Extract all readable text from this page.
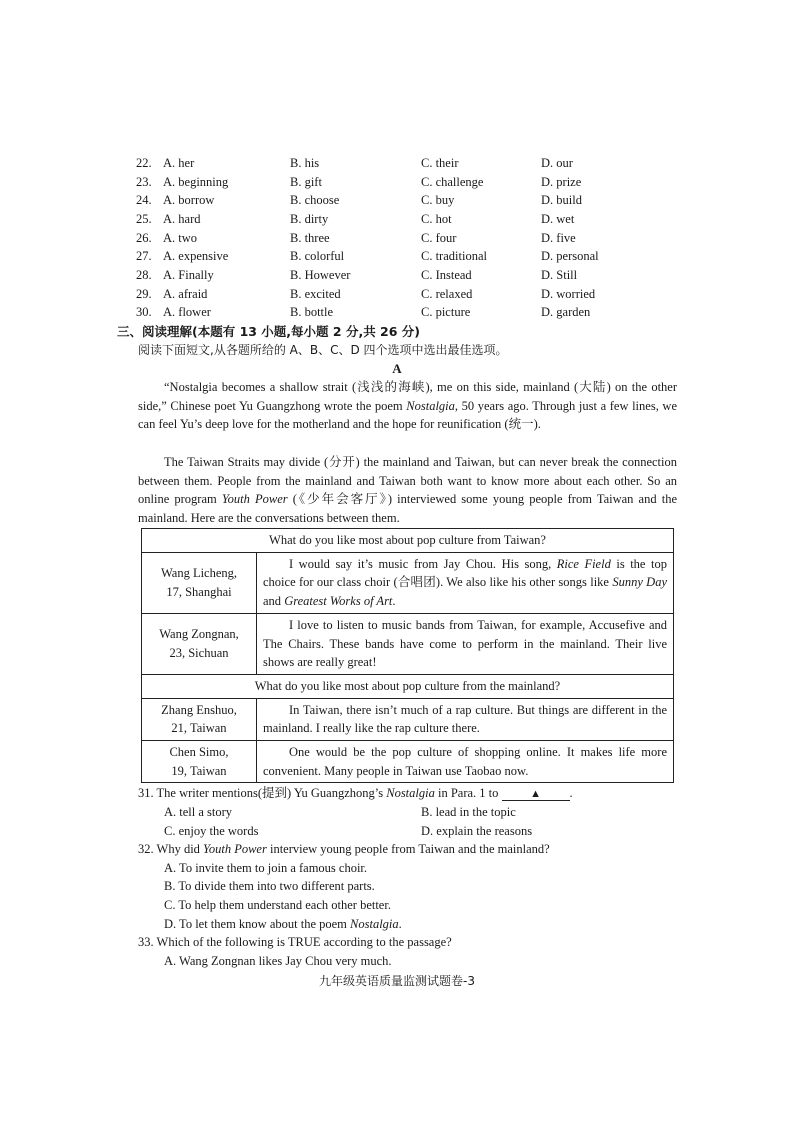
22. A. her	B. his	C. their	D. our
23. A. beginning	B. gift	C. challenge	D. prize
24. A. borrow	B. choose	C. buy	D. build
25. A. hard	B. dirty	C. hot	D. wet
26. A. two	B. three	C. four	D. five
27. A. expensive	B. colorful	C. traditional	D. personal
28. A. Finally	B. However	C. Instead	D. Still
29. A. afraid	B. excited	C. relaxed	D. worried
30. A. flower	B. bottle	C. picture	D. garden
三、阅读理解(本题有 13 小题,每小题 2 分,共 26 分)
阅读下面短文,从各题所给的 A、B、C、D 四个选项中选出最佳选项。
A
“Nostalgia becomes a shallow strait (浅浅的海峡), me on this side, mainland (大陆) on the other side,” Chinese poet Yu Guangzhong wrote the poem Nostalgia, 50 years ago. Through just a few lines, we can feel Yu’s deep love for the motherland and the hope for reunification (统一).
The Taiwan Straits may divide (分开) the mainland and Taiwan, but can never break the connection between them. People from the mainland and Taiwan both want to know more about each other. So an online program Youth Power (《少年会客厅》) interviewed some young people from Taiwan and the mainland. Here are the conversations between them.
What do you like most about pop culture from Taiwan?	
Wang Licheng,
17, Shanghai	I would say it’s music from Jay Chou. His song, Rice Field is the top choice for our class choir (合唱团). We also like his other songs like Sunny Day and Greatest Works of Art.
Wang Zongnan,
23, Sichuan	I love to listen to music bands from Taiwan, for example, Accusefive and The Chairs. These bands have come to perform in the mainland. Their live shows are really great!
What do you like most about pop culture from the mainland?	
Zhang Enshuo,
21, Taiwan	In Taiwan, there isn’t much of a rap culture. But things are different in the mainland. I really like the rap culture there.
Chen Simo,
19, Taiwan	One would be the pop culture of shopping online. It makes life more convenient. Many people in Taiwan use Taobao now.
31. The writer mentions(提到) Yu Guangzhong’s Nostalgia in Para. 1 to	▲ .
A. tell a story	B. lead in the topic
C. enjoy the words	D. explain the reasons
32. Why did Youth Power interview young people from Taiwan and the mainland?
A. To invite them to join a famous choir.
B. To divide them into two different parts.
C. To help them understand each other better.
D. To let them know about the poem Nostalgia.
33. Which of the following is TRUE according to the passage?
A. Wang Zongnan likes Jay Chou very much.
九年级英语质量监测试题卷-3
